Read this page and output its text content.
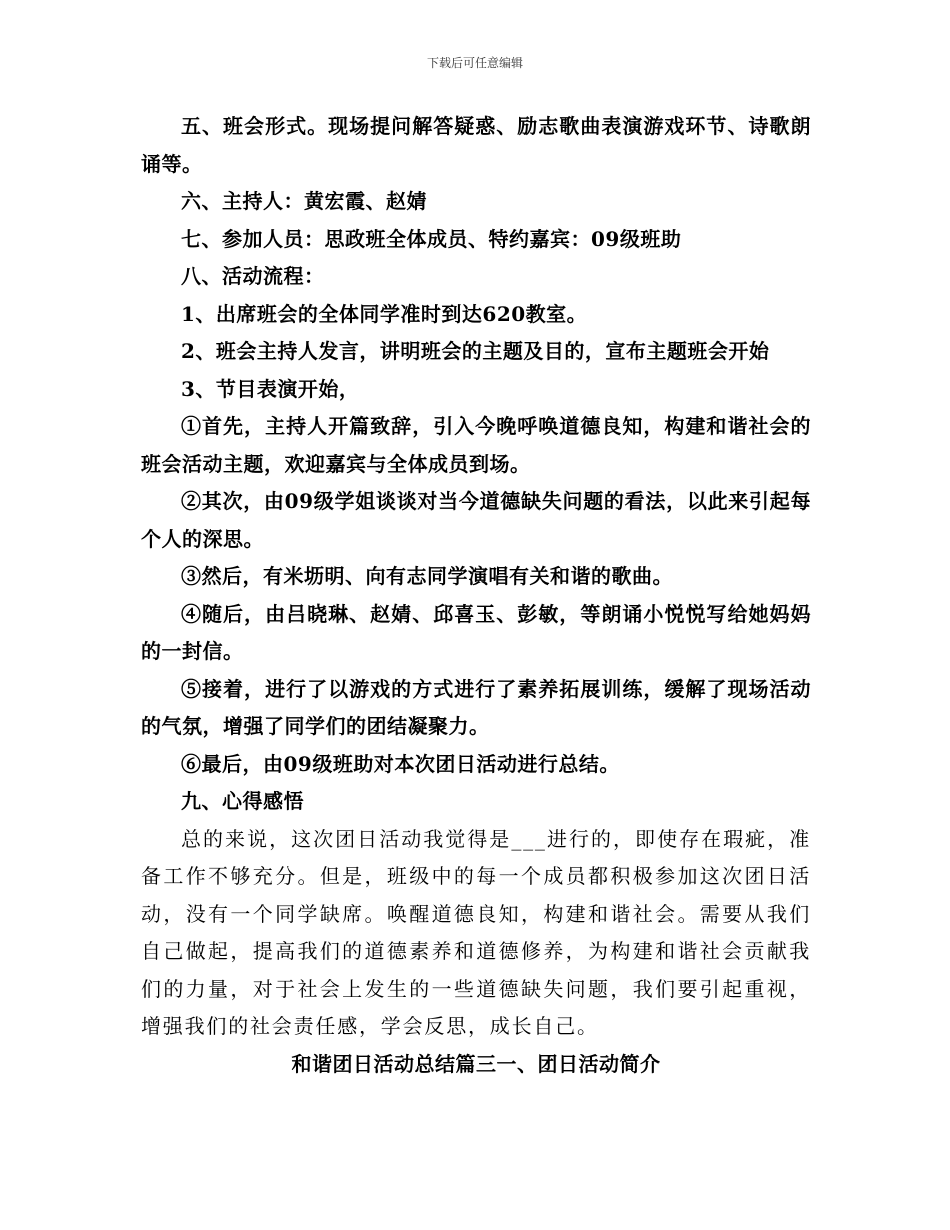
下载后可任意编辑

五、班会形式。现场提问解答疑惑、励志歌曲表演游戏环节、诗歌朗诵等。

六、主持人：黄宏霞、赵婧

七、参加人员：思政班全体成员、特约嘉宾：09级班助

八、活动流程：

1、出席班会的全体同学准时到达620教室。

2、班会主持人发言，讲明班会的主题及目的，宣布主题班会开始

3、节目表演开始，

①首先，主持人开篇致辞，引入今晚呼唤道德良知，构建和谐社会的班会活动主题，欢迎嘉宾与全体成员到场。

②其次，由09级学姐谈谈对当今道德缺失问题的看法，以此来引起每个人的深思。

③然后，有米坜明、向有志同学演唱有关和谐的歌曲。

④随后，由吕晓琳、赵婧、邱喜玉、彭敏，等朗诵小悦悦写给她妈妈的一封信。

⑤接着，进行了以游戏的方式进行了素养拓展训练，缓解了现场活动的气氛，增强了同学们的团结凝聚力。

⑥最后，由09级班助对本次团日活动进行总结。

九、心得感悟

总的来说，这次团日活动我觉得是___进行的，即使存在瑕疵，准备工作不够充分。但是，班级中的每一个成员都积极参加这次团日活动，没有一个同学缺席。唤醒道德良知，构建和谐社会。需要从我们自己做起，提高我们的道德素养和道德修养，为构建和谐社会贡献我们的力量，对于社会上发生的一些道德缺失问题，我们要引起重视，增强我们的社会责任感，学会反思，成长自己。

和谐团日活动总结篇三一、团日活动简介
